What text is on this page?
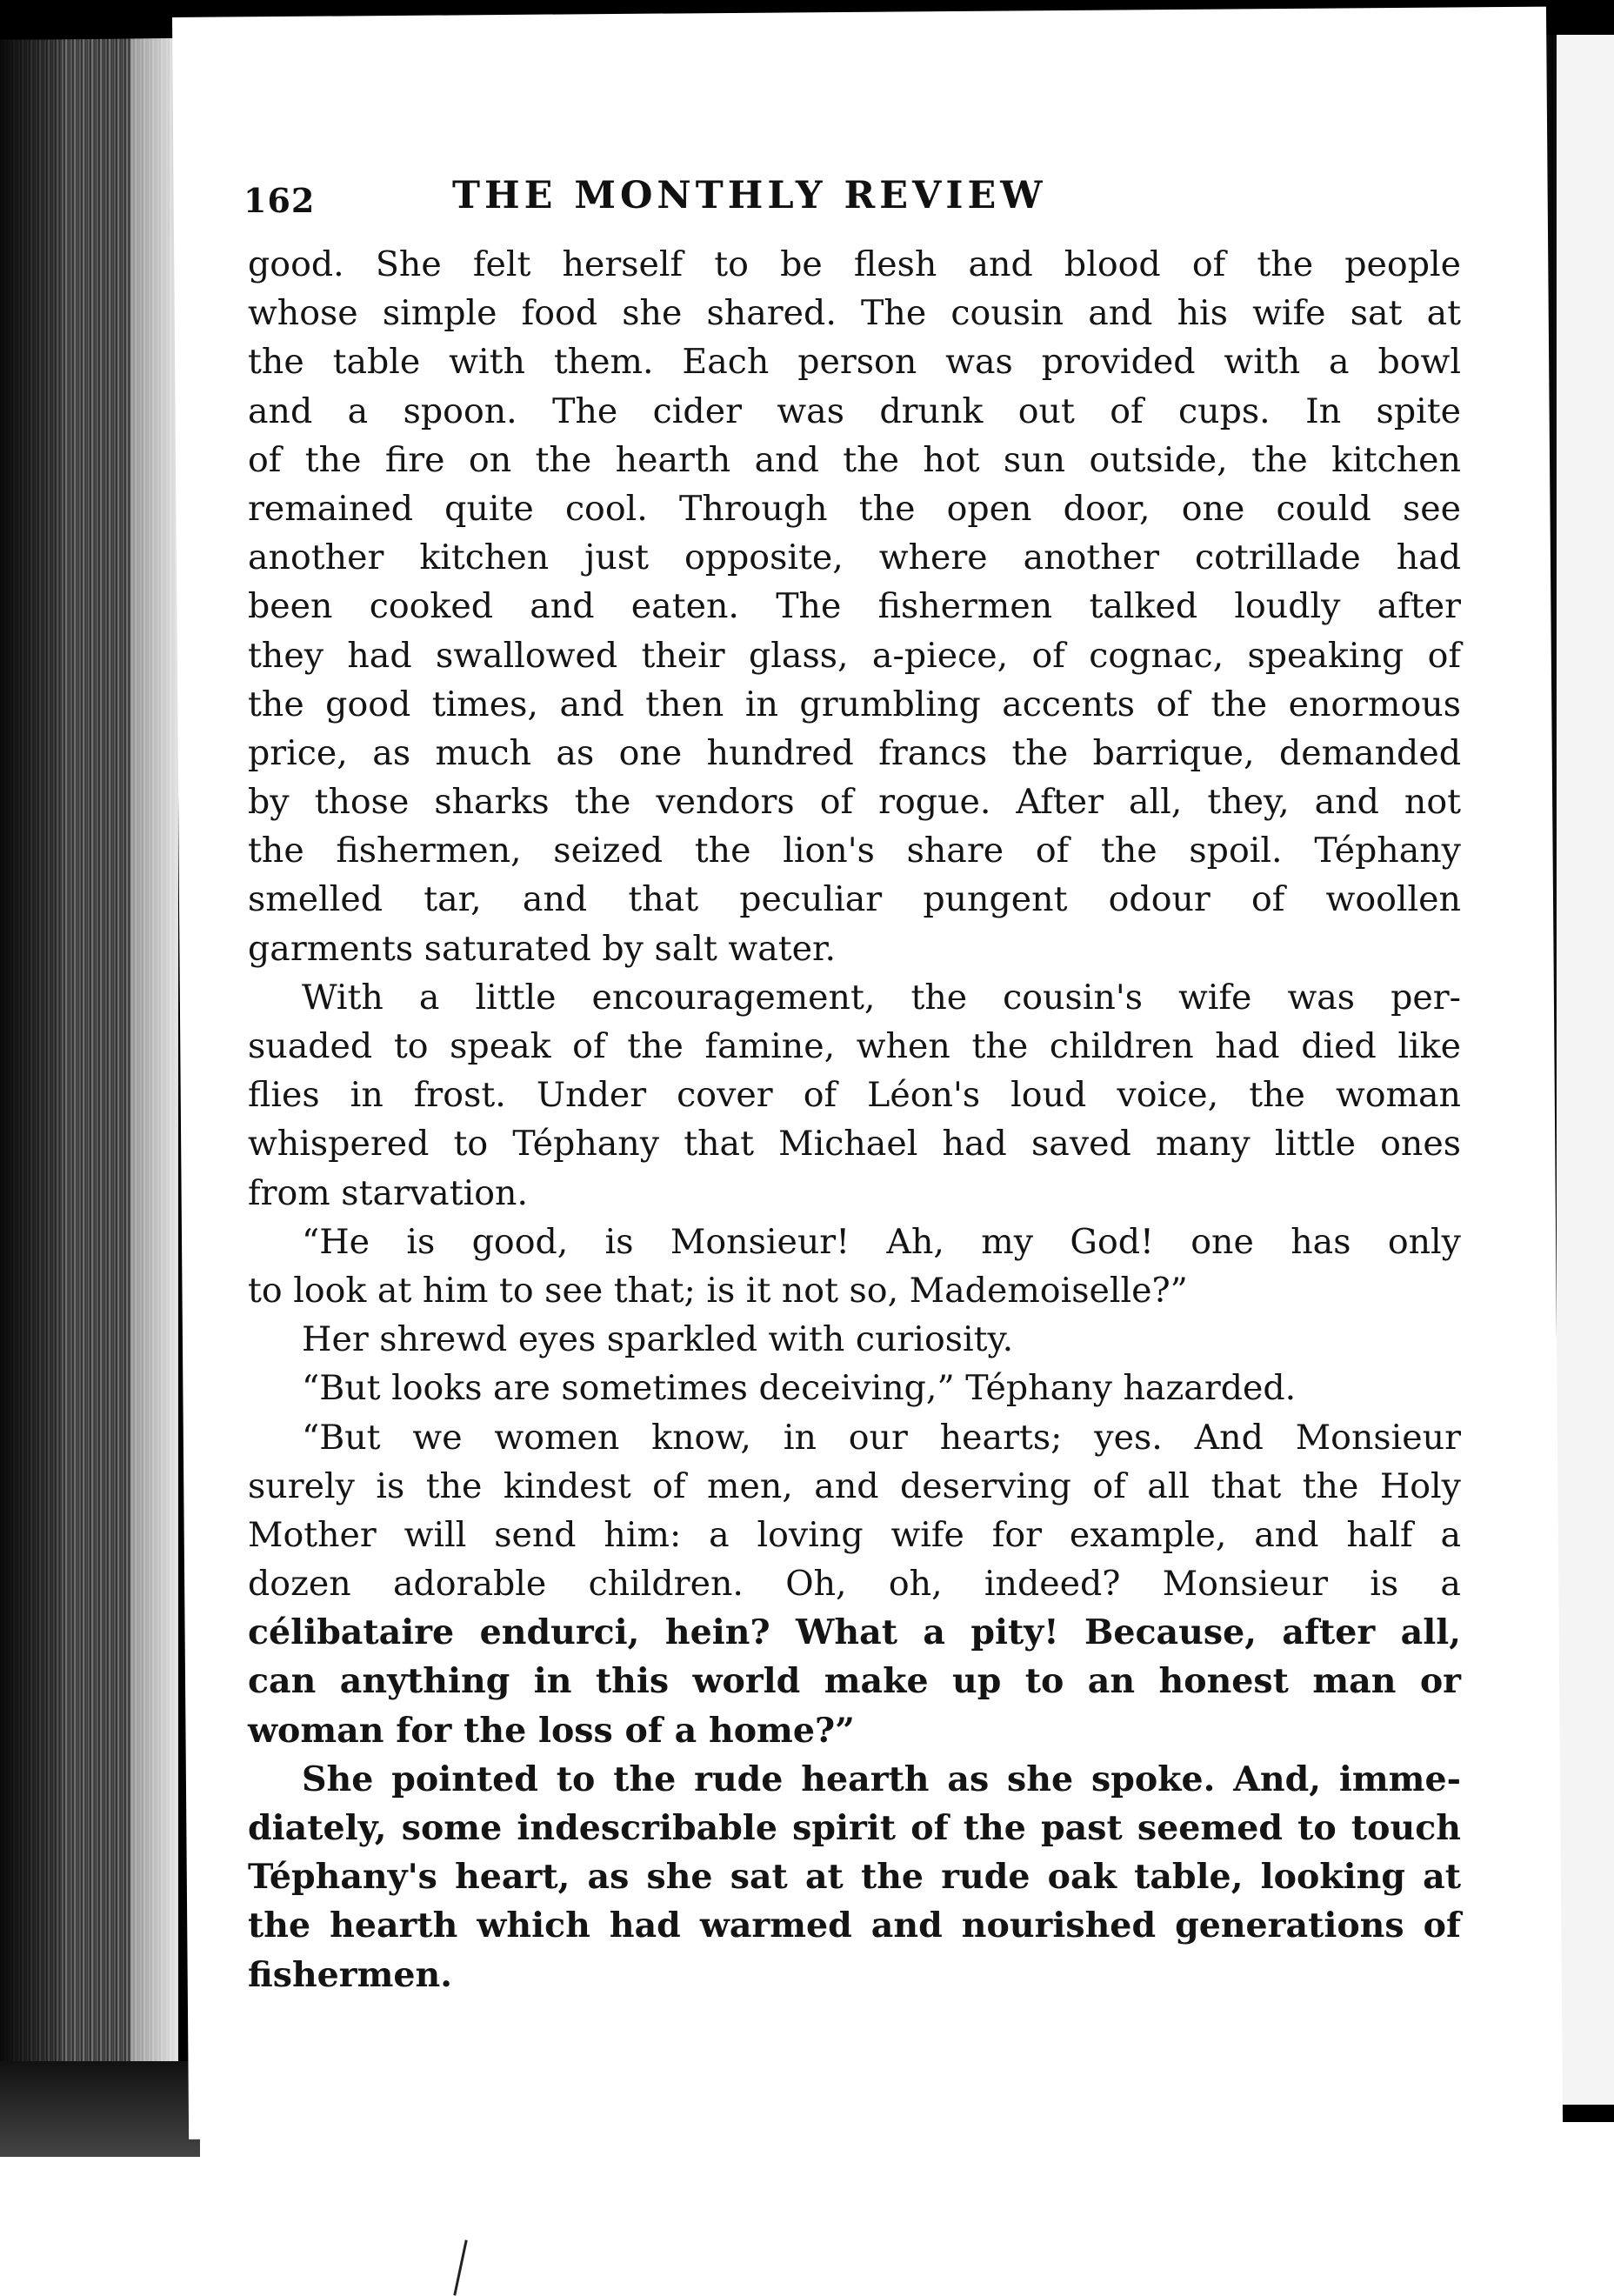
162	THE MONTHLY REVIEW
good. She felt herself to be flesh and blood of the people
whose simple food she shared. The cousin and his wife sat at
the table with them. Each person was provided with a bowl
and a spoon. The cider was drunk out of cups. In spite
of the fire on the hearth and the hot sun outside, the kitchen
remained quite cool. Through the open door, one could see
another kitchen just opposite, where another cotrillade had
been cooked and eaten. The fishermen talked loudly after
they had swallowed their glass, a-piece, of cognac, speaking of
the good times, and then in grumbling accents of the enormous
price, as much as one hundred francs the barrique, demanded
by those sharks the vendors of rogue. After all, they, and not
the fishermen, seized the lion's share of the spoil. Téphany
smelled tar, and that peculiar pungent odour of woollen
garments saturated by salt water.
With a little encouragement, the cousin's wife was per-
suaded to speak of the famine, when the children had died like
flies in frost. Under cover of Léon's loud voice, the woman
whispered to Téphany that Michael had saved many little ones
from starvation.
“He is good, is Monsieur! Ah, my God! one has only
to look at him to see that; is it not so, Mademoiselle?”
Her shrewd eyes sparkled with curiosity.
“But looks are sometimes deceiving,” Téphany hazarded.
“But we women know, in our hearts; yes. And Monsieur
surely is the kindest of men, and deserving of all that the Holy
Mother will send him: a loving wife for example, and half a
dozen adorable children. Oh, oh, indeed? Monsieur is a
célibataire endurci, hein? What a pity! Because, after all,
can anything in this world make up to an honest man or
woman for the loss of a home?”
She pointed to the rude hearth as she spoke. And, imme-
diately, some indescribable spirit of the past seemed to touch
Téphany's heart, as she sat at the rude oak table, looking at
the hearth which had warmed and nourished generations of
fishermen.
